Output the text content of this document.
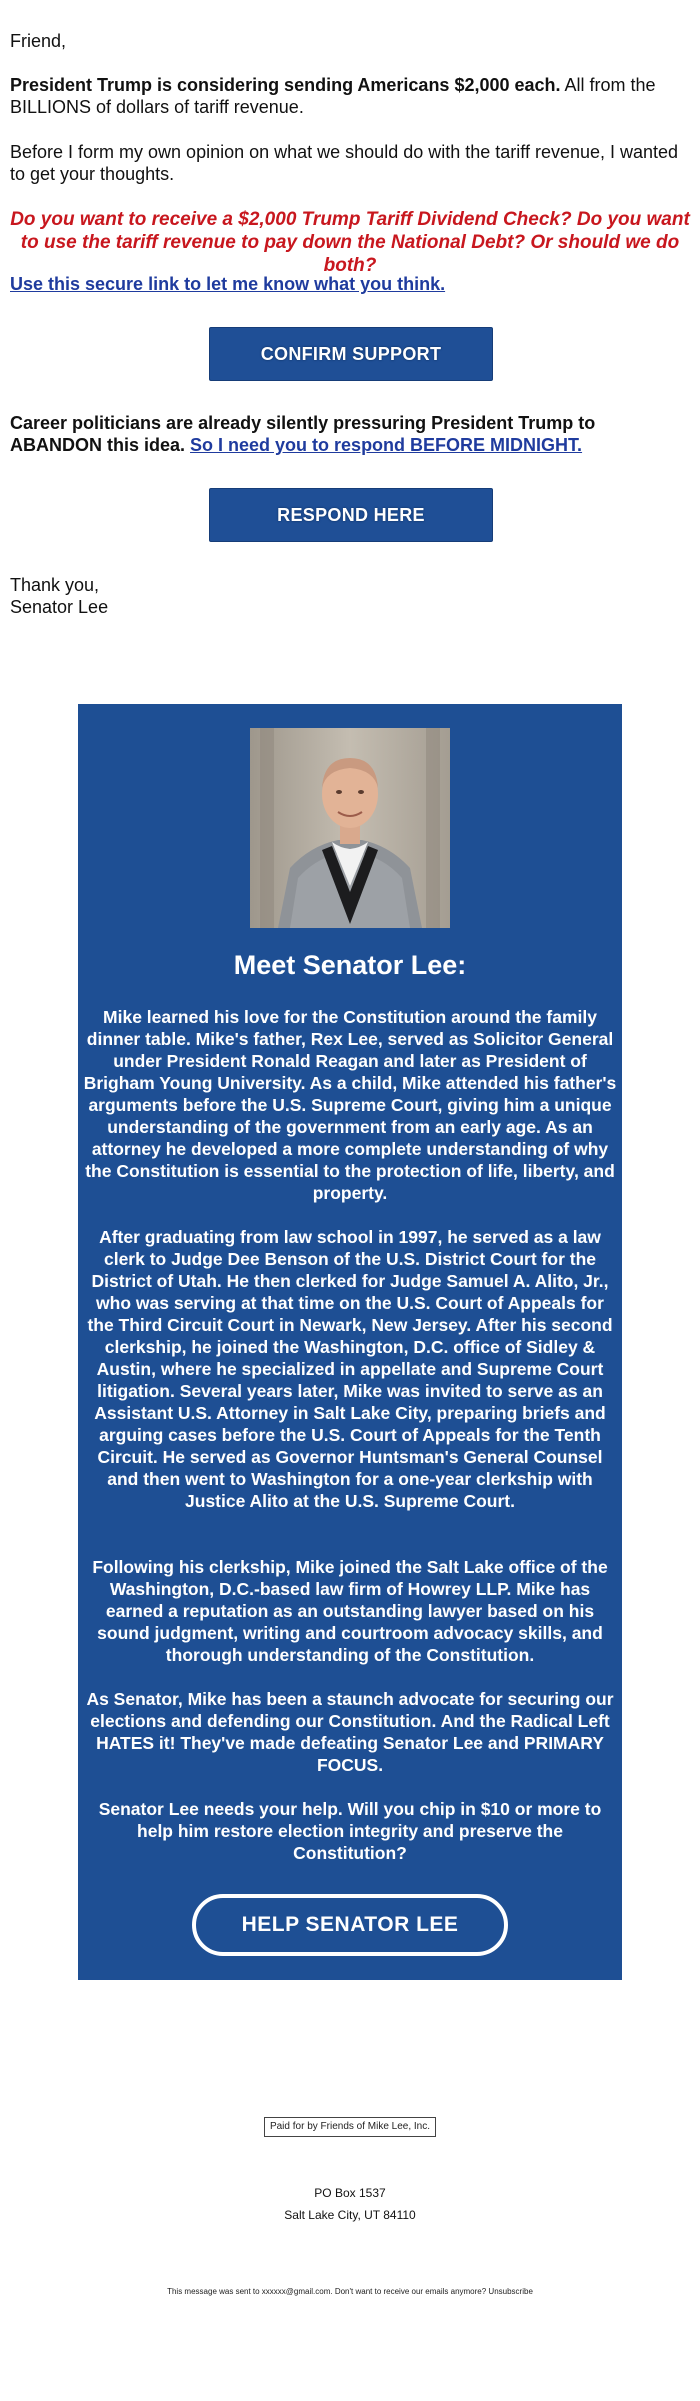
Friend,

President Trump is considering sending Americans $2,000 each. All from the BILLIONS of dollars of tariff revenue.

Before I form my own opinion on what we should do with the tariff revenue, I wanted to get your thoughts.

Do you want to receive a $2,000 Trump Tariff Dividend Check? Do you want to use the tariff revenue to pay down the National Debt? Or should we do both?

Use this secure link to let me know what you think.

CONFIRM SUPPORT

Career politicians are already silently pressuring President Trump to ABANDON this idea. So I need you to respond BEFORE MIDNIGHT.

RESPOND HERE

Thank you,

Senator Lee

Meet Senator Lee:

Mike learned his love for the Constitution around the family dinner table. Mike's father, Rex Lee, served as Solicitor General under President Ronald Reagan and later as President of Brigham Young University. As a child, Mike attended his father's arguments before the U.S. Supreme Court, giving him a unique understanding of the government from an early age. As an attorney he developed a more complete understanding of why the Constitution is essential to the protection of life, liberty, and property.

After graduating from law school in 1997, he served as a law clerk to Judge Dee Benson of the U.S. District Court for the District of Utah. He then clerked for Judge Samuel A. Alito, Jr., who was serving at that time on the U.S. Court of Appeals for the Third Circuit Court in Newark, New Jersey. After his second clerkship, he joined the Washington, D.C. office of Sidley & Austin, where he specialized in appellate and Supreme Court litigation. Several years later, Mike was invited to serve as an Assistant U.S. Attorney in Salt Lake City, preparing briefs and arguing cases before the U.S. Court of Appeals for the Tenth Circuit. He served as Governor Huntsman's General Counsel and then went to Washington for a one-year clerkship with Justice Alito at the U.S. Supreme Court.

Following his clerkship, Mike joined the Salt Lake office of the Washington, D.C.-based law firm of Howrey LLP. Mike has earned a reputation as an outstanding lawyer based on his sound judgment, writing and courtroom advocacy skills, and thorough understanding of the Constitution.

As Senator, Mike has been a staunch advocate for securing our elections and defending our Constitution. And the Radical Left HATES it! They've made defeating Senator Lee and PRIMARY FOCUS.

Senator Lee needs your help. Will you chip in $10 or more to help him restore election integrity and preserve the Constitution?

HELP SENATOR LEE
Paid for by Friends of Mike Lee, Inc.

PO Box 1537

Salt Lake City, UT 84110

This message was sent to xxxxxx@gmail.com. Don't want to receive our emails anymore? Unsubscribe
